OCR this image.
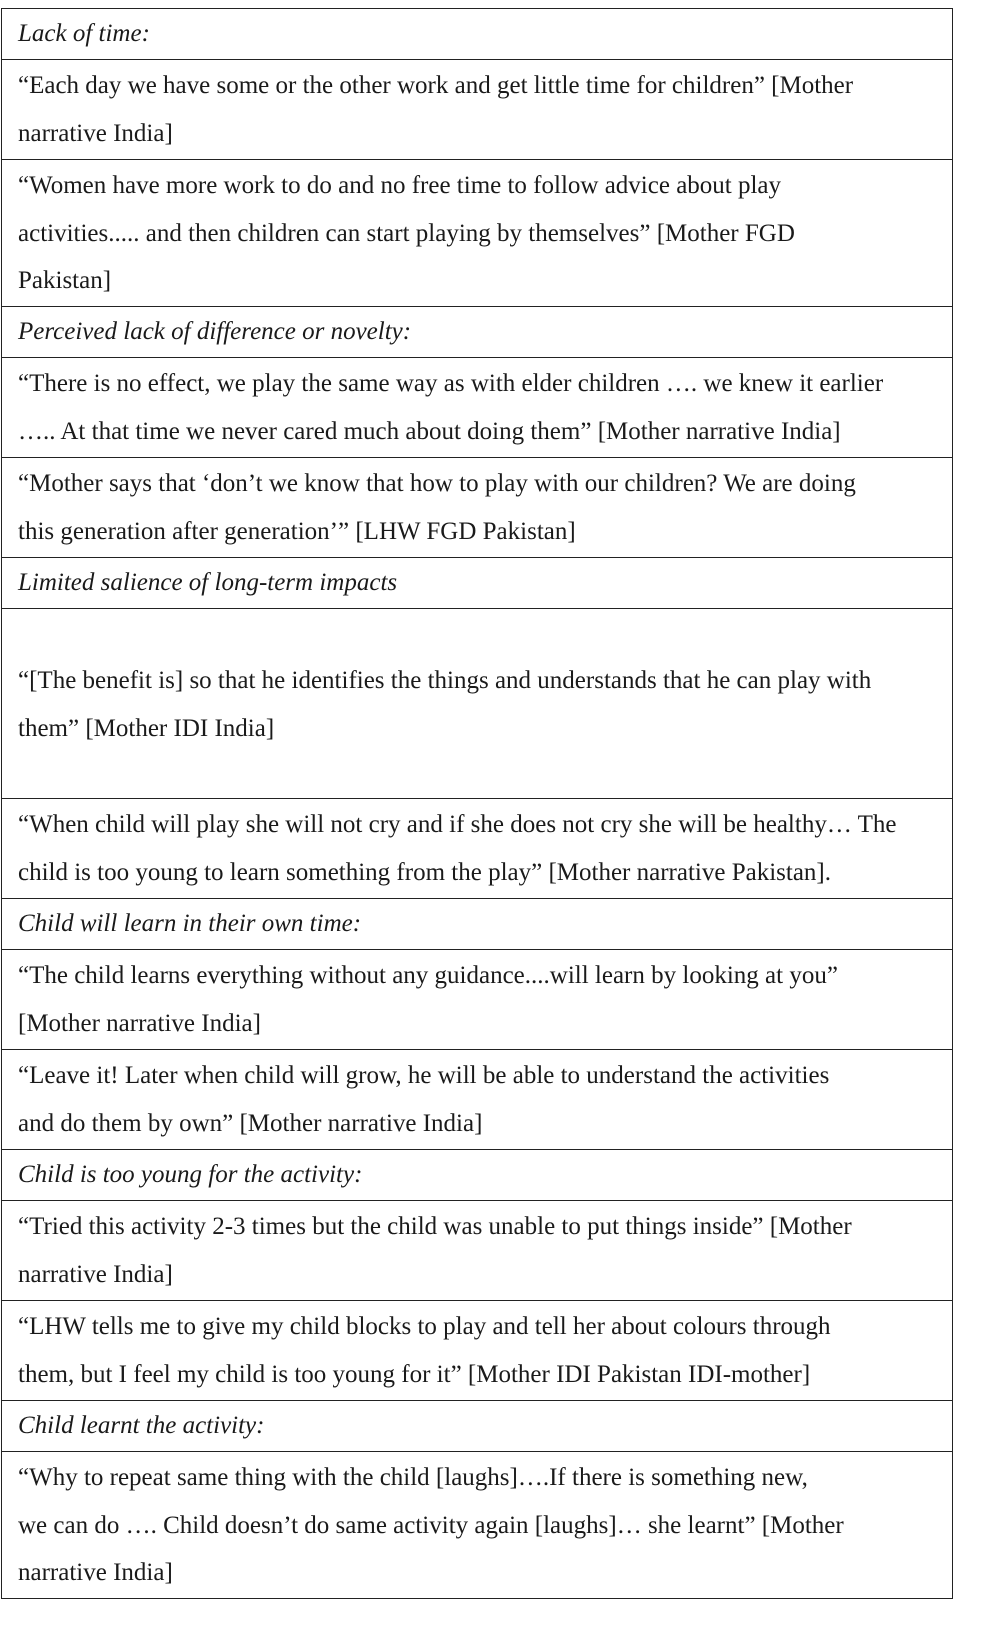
Lack of time:

“Each day we have some or the other work and get little time for children” [Mother
narrative India]

“Women have more work to do and no free time to follow advice about play
activities..... and then children can start playing by themselves” [Mother FGD
Pakistan]

Perceived lack of difference or novelty:

“There is no effect, we play the same way as with elder children …. we knew it earlier
….. At that time we never cared much about doing them” [Mother narrative India]

“Mother says that ‘don’t we know that how to play with our children? We are doing
this generation after generation’” [LHW FGD Pakistan]

Limited salience of long-term impacts

“[The benefit is] so that he identifies the things and understands that he can play with
them” [Mother IDI India]

“When child will play she will not cry and if she does not cry she will be healthy… The
child is too young to learn something from the play” [Mother narrative Pakistan].

Child will learn in their own time:

“The child learns everything without any guidance....will learn by looking at you”
[Mother narrative India]

“Leave it! Later when child will grow, he will be able to understand the activities
and do them by own” [Mother narrative India]

Child is too young for the activity:

“Tried this activity 2-3 times but the child was unable to put things inside” [Mother
narrative India]

“LHW tells me to give my child blocks to play and tell her about colours through
them, but I feel my child is too young for it” [Mother IDI Pakistan IDI-mother]

Child learnt the activity:

“Why to repeat same thing with the child [laughs]….If there is something new,
we can do …. Child doesn’t do same activity again [laughs]… she learnt” [Mother
narrative India]
